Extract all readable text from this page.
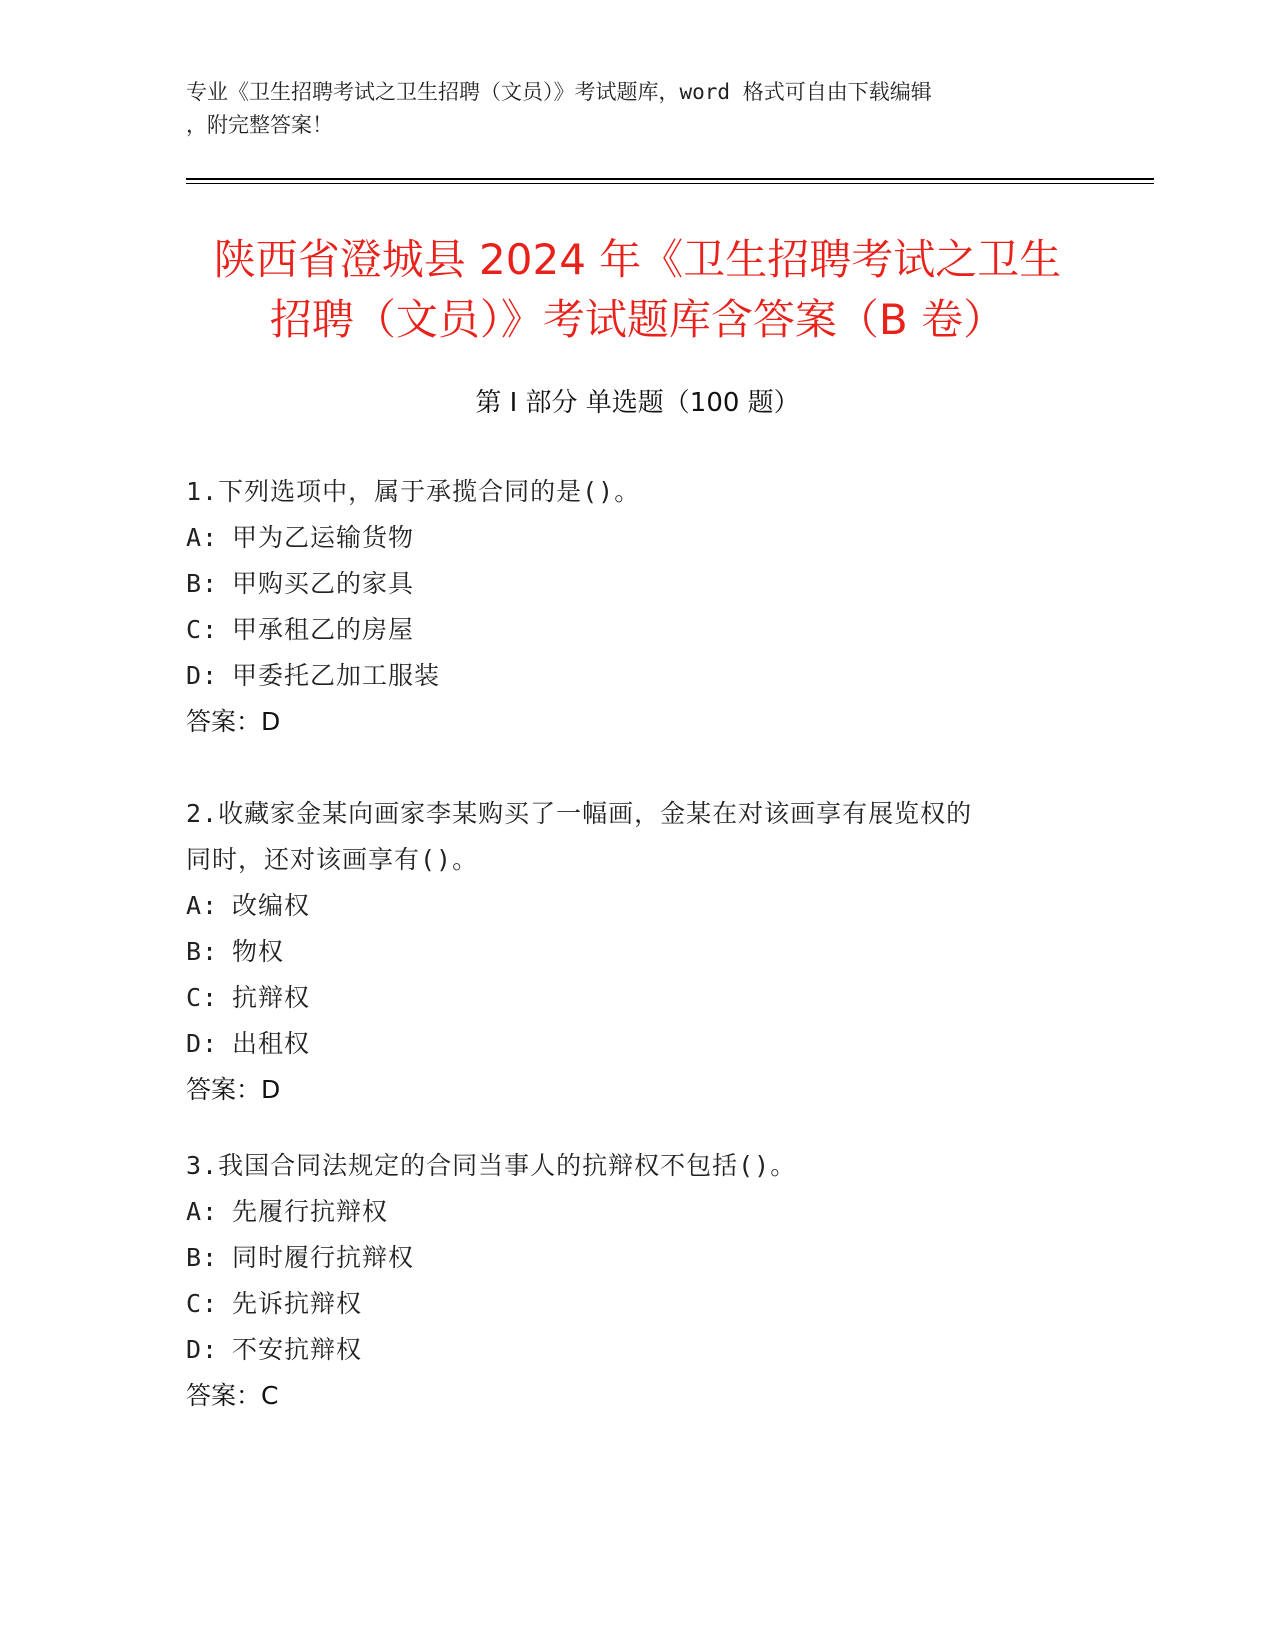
专业《卫生招聘考试之卫生招聘（文员）》考试题库，word 格式可自由下载编辑
，附完整答案！
陕西省澄城县 2024 年《卫生招聘考试之卫生
招聘（文员）》考试题库含答案（B 卷）
第 I 部分 单选题（100 题）

1.下列选项中，属于承揽合同的是()。

A: 甲为乙运输货物

B: 甲购买乙的家具

C: 甲承租乙的房屋

D: 甲委托乙加工服装

答案：D

2.收藏家金某向画家李某购买了一幅画，金某在对该画享有展览权的

同时，还对该画享有()。

A: 改编权

B: 物权

C: 抗辩权

D: 出租权

答案：D

3.我国合同法规定的合同当事人的抗辩权不包括()。

A: 先履行抗辩权

B: 同时履行抗辩权

C: 先诉抗辩权

D: 不安抗辩权

答案：C
